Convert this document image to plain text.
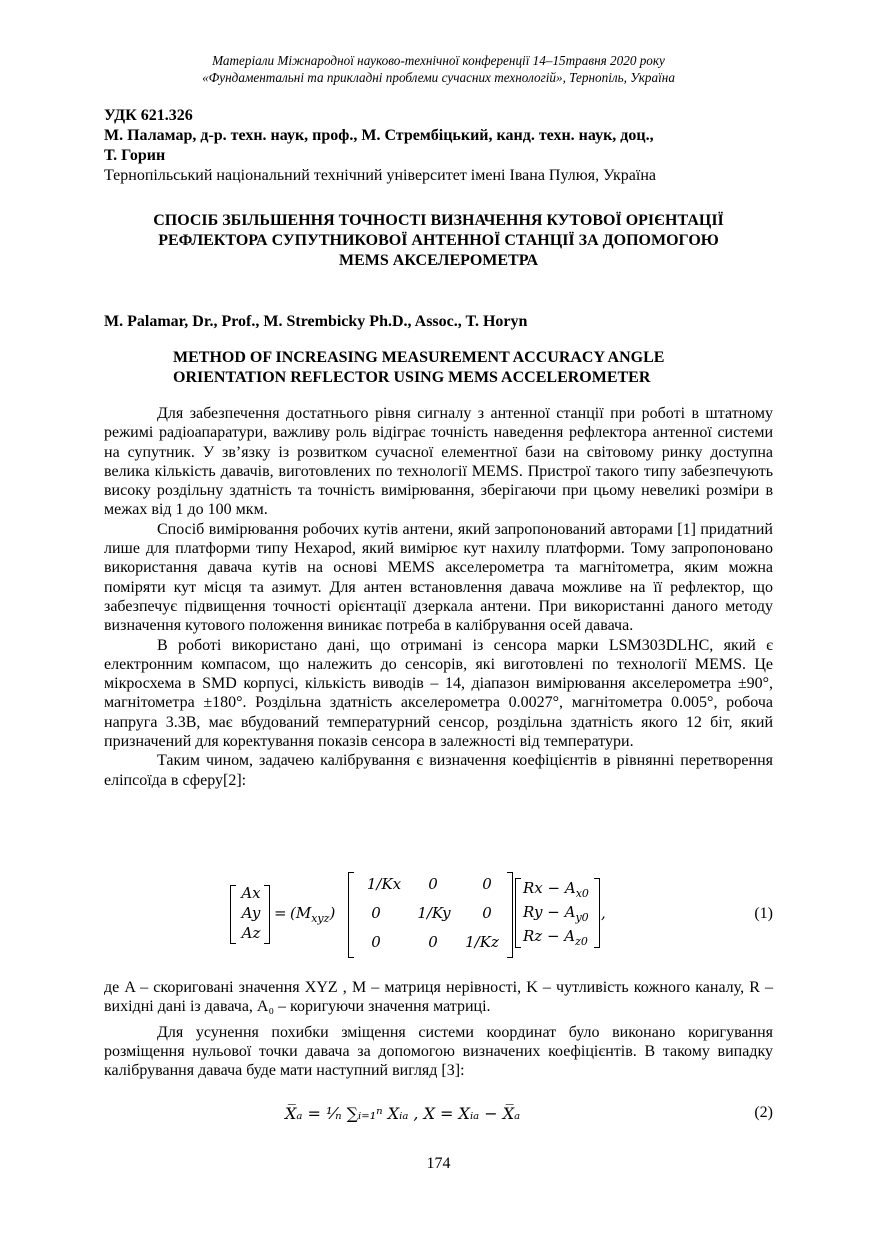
Матеріали Міжнародної науково-технічної конференції 14–15травня 2020 року
«Фундаментальні та прикладні проблеми сучасних технологій», Тернопіль, Україна
УДК 621.326
М. Паламар, д-р. техн. наук, проф., М. Стрембіцький, канд. техн. наук, доц.,
Т. Горин
Тернопільський національний технічний університет імені Івана Пулюя, Україна
СПОСІБ ЗБІЛЬШЕННЯ ТОЧНОСТІ ВИЗНАЧЕННЯ КУТОВОЇ ОРІЄНТАЦІЇ
РЕФЛЕКТОРА СУПУТНИКОВОЇ АНТЕННОЇ СТАНЦІЇ ЗА ДОПОМОГОЮ
MEMS АКСЕЛЕРОМЕТРА
M. Palamar, Dr., Prof., M. Strembicky Ph.D., Assoc., T. Horyn
METHOD OF INCREASING MEASUREMENT ACCURACY ANGLE
ORIENTATION REFLECTOR USING MEMS ACCELEROMETER

Для забезпечення достатнього рівня сигналу з антенної станції при роботі в штатному режимі радіоапаратури, важливу роль відіграє точність наведення рефлектора антенної системи на супутник. У зв’язку із розвитком сучасної елементної бази на світовому ринку доступна велика кількість давачів, виготовлених по технології MEMS. Пристрої такого типу забезпечують високу роздільну здатність та точність вимірювання, зберігаючи при цьому невеликі розміри в межах від 1 до 100 мкм.

Спосіб вимірювання робочих кутів антени, який запропонований авторами [1] придатний лише для платформи типу Hexapod, який вимірює кут нахилу платформи. Тому запропоновано використання давача кутів на основі MEMS акселерометра та магнітометра, яким можна поміряти кут місця та азимут. Для антен встановлення давача можливе на її рефлектор, що забезпечує підвищення точності орієнтації дзеркала антени. При використанні даного методу визначення кутового положення виникає потреба в калібрування осей давача.

В роботі використано дані, що отримані із сенсора марки LSM303DLHC, який є електронним компасом, що належить до сенсорів, які виготовлені по технології MEMS. Це мікросхема в SMD корпусі, кількість виводів – 14, діапазон вимірювання акселерометра ±90°, магнітометра ±180°. Роздільна здатність акселерометра 0.0027°, магнітометра 0.005°, робоча напруга 3.3В, має вбудований температурний сенсор, роздільна здатність якого 12 біт, який призначений для коректування показів сенсора в залежності від температури.

Таким чином, задачею калібрування є визначення коефіцієнтів в рівнянні перетворення еліпсоїда в сферу[2]:

Ax
Ay
Az
= $(M_{xyz})$
1/Kx	0	0
0	1/Ky	0
0	0	1/Kz
$Rx - A_{x0}$
$Ry - A_{y0}$
$Rz - A_{z0}$
,	(1)

де A – скориговані значення XYZ , M – матриця нерівності, K – чутливість кожного каналу, R – вихідні дані із давача, A₀ – коригуючи значення матриці.

Для усунення похибки зміщення системи координат було виконано коригування розміщення нульової точки давача за допомогою визначених коефіцієнтів. В такому випадку калібрування давача буде мати наступний вигляд [3]:

X̅ₐ = ¹⁄ₙ ∑ᵢ₌₁ⁿ Xᵢₐ , X = Xᵢₐ − X̅ₐ	(2)
174
